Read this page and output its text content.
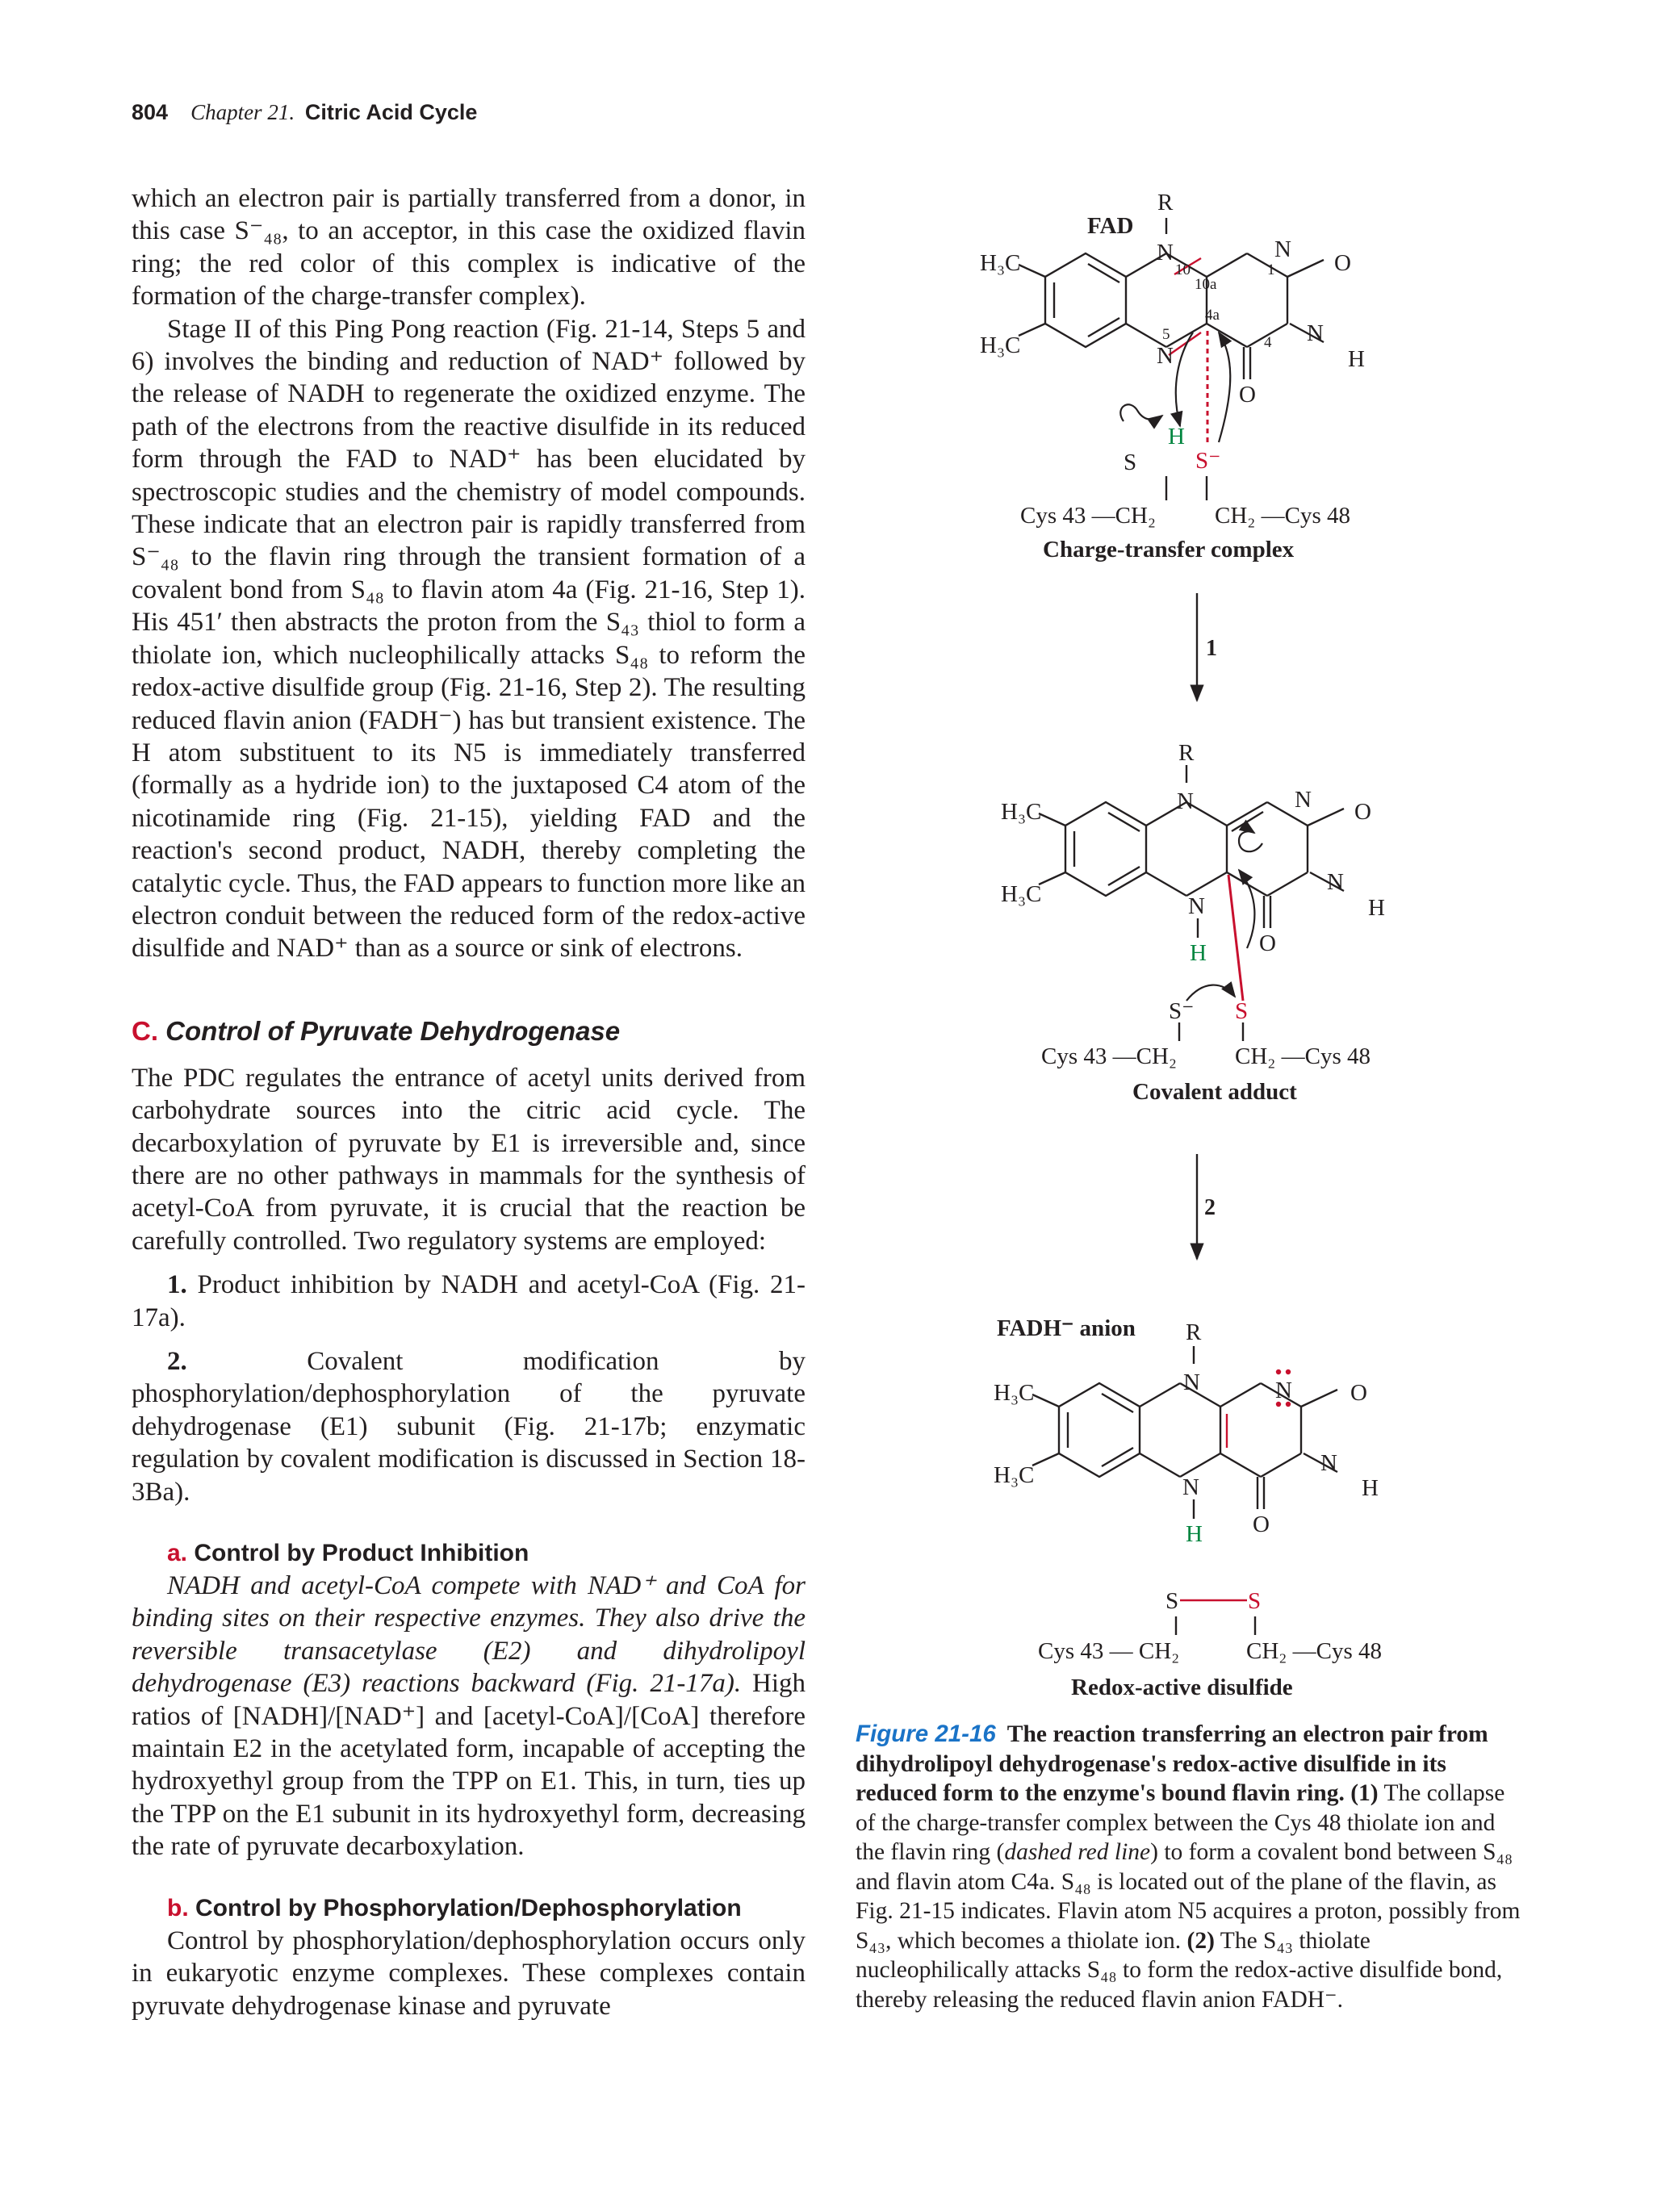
804 Chapter 21. Citric Acid Cycle

which an electron pair is partially transferred from a donor, in this case S⁻₄₈, to an acceptor, in this case the oxidized flavin ring; the red color of this complex is indicative of the formation of the charge-transfer complex).

Stage II of this Ping Pong reaction (Fig. 21-14, Steps 5 and 6) involves the binding and reduction of NAD⁺ followed by the release of NADH to regenerate the oxidized enzyme. The path of the electrons from the reactive disulfide in its reduced form through the FAD to NAD⁺ has been elucidated by spectroscopic studies and the chemistry of model compounds. These indicate that an electron pair is rapidly transferred from S⁻₄₈ to the flavin ring through the transient formation of a covalent bond from S₄₈ to flavin atom 4a (Fig. 21-16, Step 1). His 451′ then abstracts the proton from the S₄₃ thiol to form a thiolate ion, which nucleophilically attacks S₄₈ to reform the redox-active disulfide group (Fig. 21-16, Step 2). The resulting reduced flavin anion (FADH⁻) has but transient existence. The H atom substituent to its N5 is immediately transferred (formally as a hydride ion) to the juxtaposed C4 atom of the nicotinamide ring (Fig. 21-15), yielding FAD and the reaction's second product, NADH, thereby completing the catalytic cycle. Thus, the FAD appears to function more like an electron conduit between the reduced form of the redox-active disulfide and NAD⁺ than as a source or sink of electrons.

C. Control of Pyruvate Dehydrogenase

The PDC regulates the entrance of acetyl units derived from carbohydrate sources into the citric acid cycle. The decarboxylation of pyruvate by E1 is irreversible and, since there are no other pathways in mammals for the synthesis of acetyl-CoA from pyruvate, it is crucial that the reaction be carefully controlled. Two regulatory systems are employed:

1. Product inhibition by NADH and acetyl-CoA (Fig. 21-17a).

2.	Covalent modification by phosphorylation/dephosphorylation of the pyruvate dehydrogenase (E1) subunit (Fig. 21-17b; enzymatic regulation by covalent modification is discussed in Section 18-3Ba).

a. Control by Product Inhibition

NADH and acetyl-CoA compete with NAD⁺ and CoA for binding sites on their respective enzymes. They also drive the reversible transacetylase (E2) and dihydrolipoyl dehydrogenase (E3) reactions backward (Fig. 21-17a). High ratios of [NADH]/[NAD⁺] and [acetyl-CoA]/[CoA] therefore maintain E2 in the acetylated form, incapable of accepting the hydroxyethyl group from the TPP on E1. This, in turn, ties up the TPP on the E1 subunit in its hydroxyethyl form, decreasing the rate of pyruvate decarboxylation.

b. Control by Phosphorylation/Dephosphorylation

Control by phosphorylation/dephosphorylation occurs only in eukaryotic enzyme complexes. These complexes contain pyruvate dehydrogenase kinase and pyruvate

FAD
R
N	N
N
N
O
O
H
H₃C
H₃C
H
S	S⁻
Cys 43 —CH₂	CH₂ —Cys 48
Charge-transfer complex
10
10a
1
4a
5	4
1
R
N	N
N
N
O
O
H
H
H₃C
H₃C
S⁻ S
Cys 43 —CH₂ CH₂ —Cys 48
Covalent adduct
2
FADH⁻ anion R
N	N
N
N
O
O
H
H
H₃C
H₃C
S	S
Cys 43 — CH₂	CH₂ —Cys 48
Redox-active disulfide
Figure 21-16 The reaction transferring an electron pair from dihydrolipoyl dehydrogenase's redox-active disulfide in its reduced form to the enzyme's bound flavin ring. (1) The collapse of the charge-transfer complex between the Cys 48 thiolate ion and the flavin ring (dashed red line) to form a covalent bond between S₄₈ and flavin atom C4a. S₄₈ is located out of the plane of the flavin, as Fig. 21-15 indicates. Flavin atom N5 acquires a proton, possibly from S₄₃, which becomes a thiolate ion. (2) The S₄₃ thiolate nucleophilically attacks S₄₈ to form the redox-active disulfide bond, thereby releasing the reduced flavin anion FADH⁻.
